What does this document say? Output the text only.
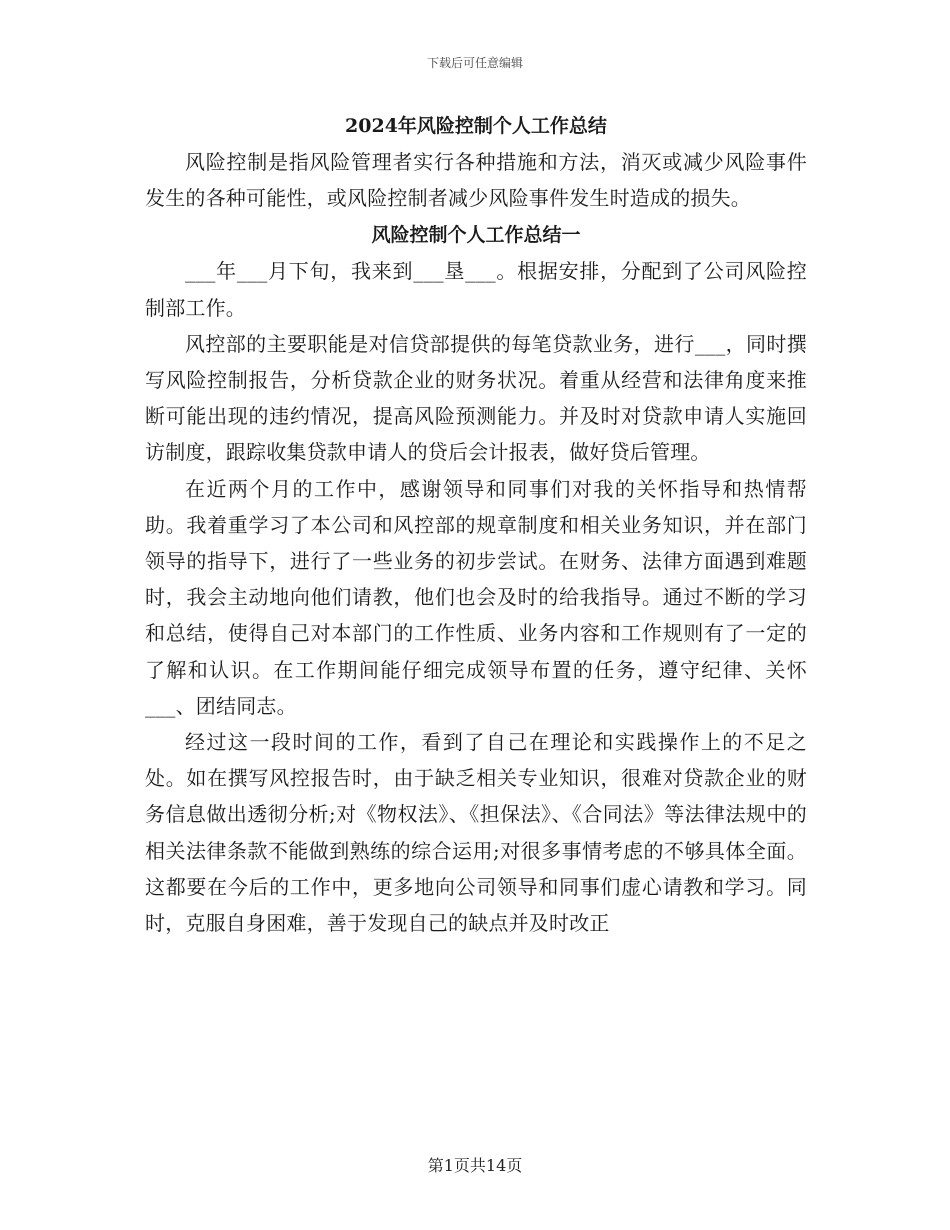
下载后可任意编辑
2024年风险控制个人工作总结

风险控制是指风险管理者实行各种措施和方法，消灭或减少风险事件发生的各种可能性，或风险控制者减少风险事件发生时造成的损失。

风险控制个人工作总结一

___年___月下旬，我来到___垦___。根据安排，分配到了公司风险控制部工作。

风控部的主要职能是对信贷部提供的每笔贷款业务，进行___，同时撰写风险控制报告，分析贷款企业的财务状况。着重从经营和法律角度来推断可能出现的违约情况，提高风险预测能力。并及时对贷款申请人实施回访制度，跟踪收集贷款申请人的贷后会计报表，做好贷后管理。

在近两个月的工作中，感谢领导和同事们对我的关怀指导和热情帮助。我着重学习了本公司和风控部的规章制度和相关业务知识，并在部门领导的指导下，进行了一些业务的初步尝试。在财务、法律方面遇到难题时，我会主动地向他们请教，他们也会及时的给我指导。通过不断的学习和总结，使得自己对本部门的工作性质、业务内容和工作规则有了一定的了解和认识。在工作期间能仔细完成领导布置的任务，遵守纪律、关怀___、团结同志。

经过这一段时间的工作，看到了自己在理论和实践操作上的不足之处。如在撰写风控报告时，由于缺乏相关专业知识，很难对贷款企业的财务信息做出透彻分析;对《物权法》、《担保法》、《合同法》等法律法规中的相关法律条款不能做到熟练的综合运用;对很多事情考虑的不够具体全面。这都要在今后的工作中，更多地向公司领导和同事们虚心请教和学习。同时，克服自身困难，善于发现自己的缺点并及时改正

第1页共14页
